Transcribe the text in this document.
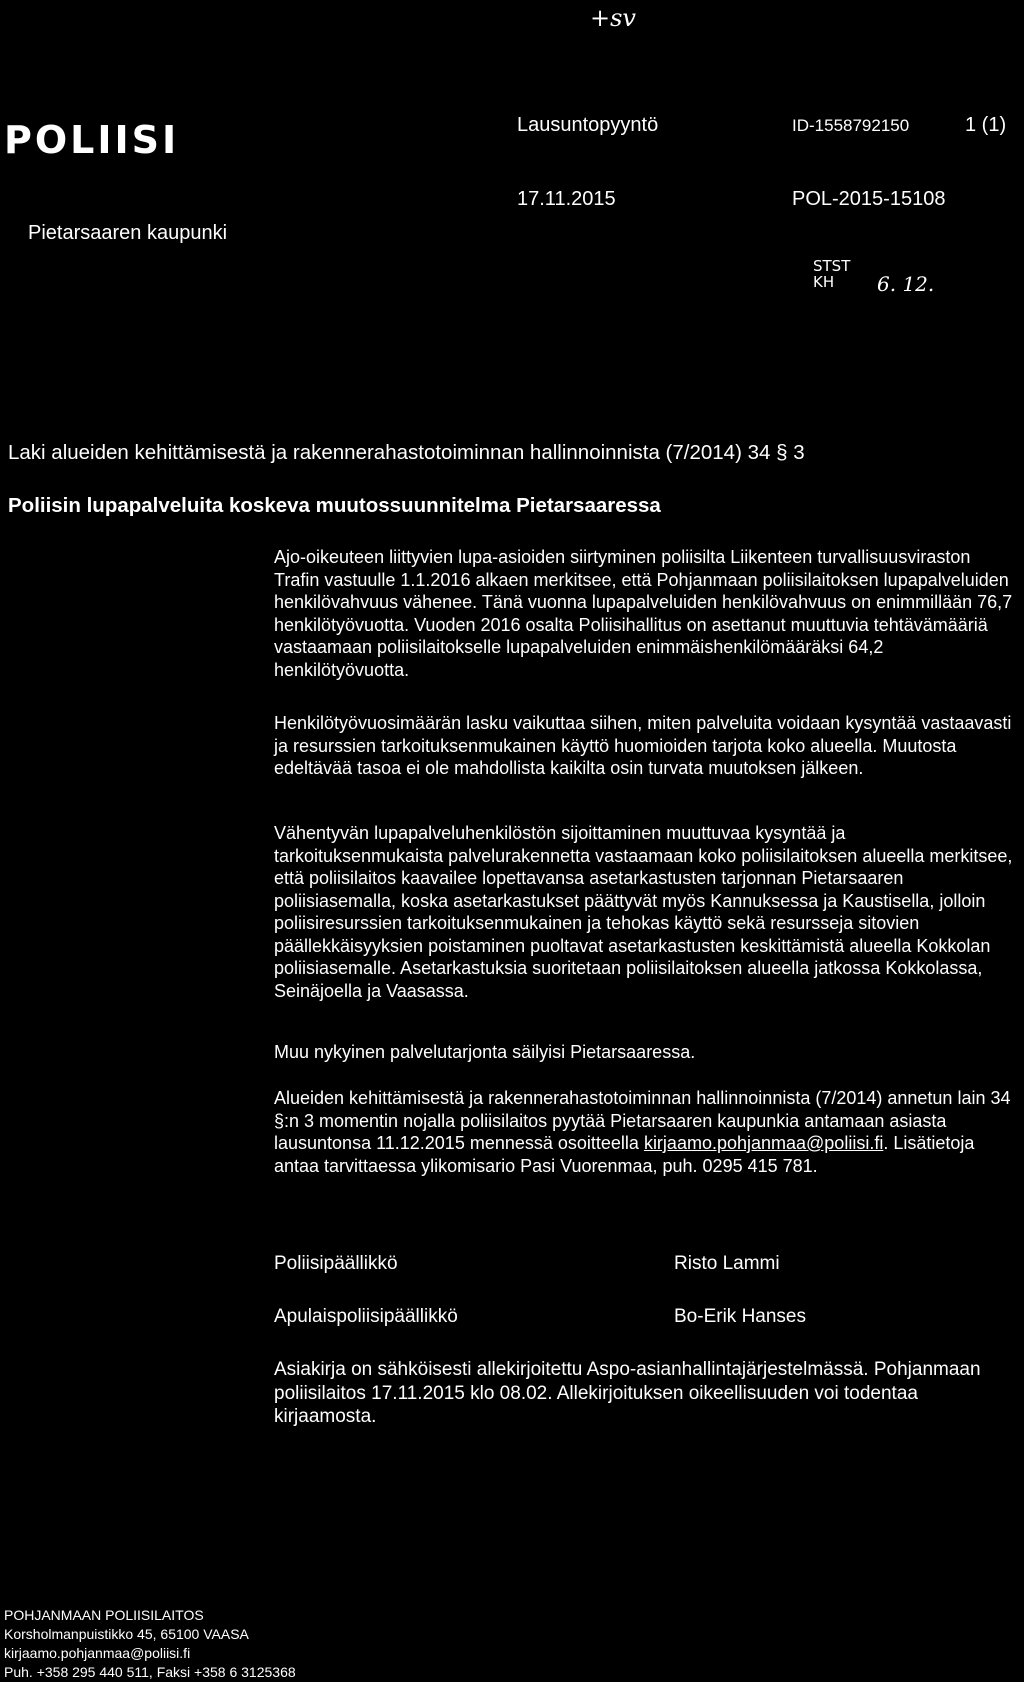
+sv
POLIISI	Lausuntopyyntö	ID-1558792150	1 (1)
17.11.2015	POL-2015-15108
Pietarsaaren kaupunki
STST
KH	6. 12.
Laki alueiden kehittämisestä ja rakennerahastotoiminnan hallinnoinnista (7/2014) 34 § 3
Poliisin lupapalveluita koskeva muutossuunnitelma Pietarsaaressa
Ajo-oikeuteen liittyvien lupa-asioiden siirtyminen poliisilta Liikenteen turvallisuusviraston Trafin vastuulle 1.1.2016 alkaen merkitsee, että Pohjanmaan poliisilaitoksen lupapalveluiden henkilövahvuus vähenee. Tänä vuonna lupapalveluiden henkilövahvuus on enimmillään 76,7 henkilötyövuotta. Vuoden 2016 osalta Poliisihallitus on asettanut muuttuvia tehtävämääriä vastaamaan poliisilaitokselle lupapalveluiden enimmäishenkilömääräksi 64,2 henkilötyövuotta.
Henkilötyövuosimäärän lasku vaikuttaa siihen, miten palveluita voidaan kysyntää vastaavasti ja resurssien tarkoituksenmukainen käyttö huomioiden tarjota koko alueella. Muutosta edeltävää tasoa ei ole mahdollista kaikilta osin turvata muutoksen jälkeen.
Vähentyvän lupapalveluhenkilöstön sijoittaminen muuttuvaa kysyntää ja tarkoituksenmukaista palvelurakennetta vastaamaan koko poliisilaitoksen alueella merkitsee, että poliisilaitos kaavailee lopettavansa asetarkastusten tarjonnan Pietarsaaren poliisiasemalla, koska asetarkastukset päättyvät myös Kannuksessa ja Kaustisella, jolloin poliisiresurssien tarkoituksenmukainen ja tehokas käyttö sekä resursseja sitovien päällekkäisyyksien poistaminen puoltavat asetarkastusten keskittämistä alueella Kokkolan poliisiasemalle. Asetarkastuksia suoritetaan poliisilaitoksen alueella jatkossa Kokkolassa, Seinäjoella ja Vaasassa.
Muu nykyinen palvelutarjonta säilyisi Pietarsaaressa.
Alueiden kehittämisestä ja rakennerahastotoiminnan hallinnoinnista (7/2014) annetun lain 34 §:n 3 momentin nojalla poliisilaitos pyytää Pietarsaaren kaupunkia antamaan asiasta lausuntonsa 11.12.2015 mennessä osoitteella kirjaamo.pohjanmaa@poliisi.fi. Lisätietoja antaa tarvittaessa ylikomisario Pasi Vuorenmaa, puh. 0295 415 781.
Poliisipäällikkö	Risto Lammi
Apulaispoliisipäällikkö	Bo-Erik Hanses
Asiakirja on sähköisesti allekirjoitettu Aspo-asianhallintajärjestelmässä. Pohjanmaan poliisilaitos 17.11.2015 klo 08.02. Allekirjoituksen oikeellisuuden voi todentaa kirjaamosta.
POHJANMAAN POLIISILAITOS
Korsholmanpuistikko 45, 65100 VAASA
kirjaamo.pohjanmaa@poliisi.fi
Puh. +358 295 440 511, Faksi +358 6 3125368
